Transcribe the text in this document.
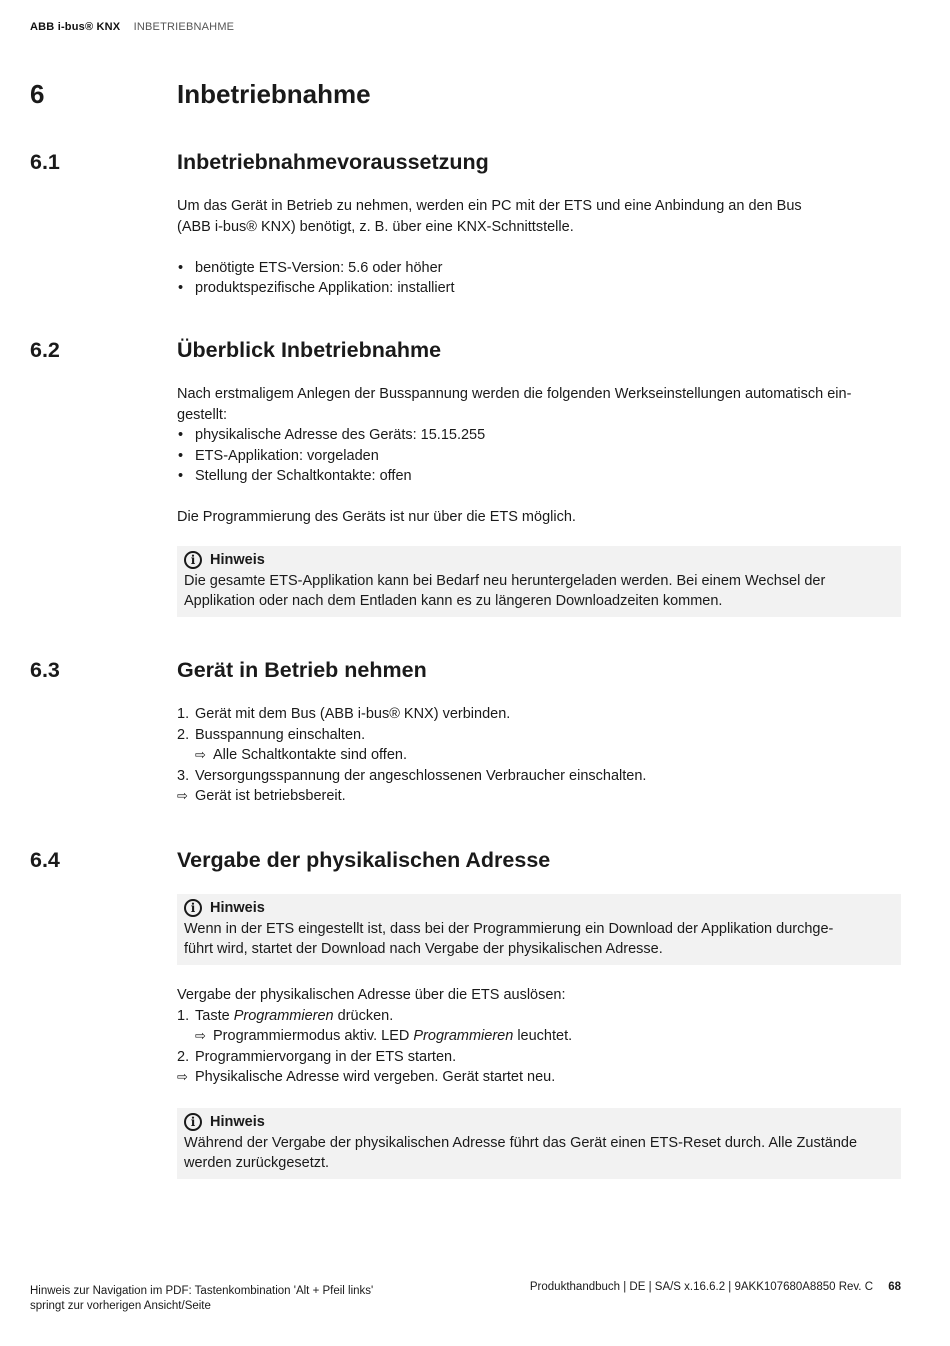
ABB i-bus® KNX INBETRIEBNAHME
6	Inbetriebnahme
6.1	Inbetriebnahmevoraussetzung

Um das Gerät in Betrieb zu nehmen, werden ein PC mit der ETS und eine Anbindung an den Bus

(ABB i-bus® KNX) benötigt, z. B. über eine KNX-Schnittstelle.

• benötigte ETS-Version: 5.6 oder höher
• produktspezifische Applikation: installiert
6.2	Überblick Inbetriebnahme

Nach erstmaligem Anlegen der Busspannung werden die folgenden Werkseinstellungen automatisch ein-

gestellt:

• physikalische Adresse des Geräts: 15.15.255
• ETS-Applikation: vorgeladen
• Stellung der Schaltkontakte: offen

Die Programmierung des Geräts ist nur über die ETS möglich.

i	Hinweis
Die gesamte ETS-Applikation kann bei Bedarf neu heruntergeladen werden. Bei einem Wechsel der
Applikation oder nach dem Entladen kann es zu längeren Downloadzeiten kommen.
6.3	Gerät in Betrieb nehmen
1. Gerät mit dem Bus (ABB i-bus® KNX) verbinden.
2. Busspannung einschalten.
⇨ Alle Schaltkontakte sind offen.
3. Versorgungsspannung der angeschlossenen Verbraucher einschalten.
⇨ Gerät ist betriebsbereit.
6.4	Vergabe der physikalischen Adresse
i	Hinweis
Wenn in der ETS eingestellt ist, dass bei der Programmierung ein Download der Applikation durchge-
führt wird, startet der Download nach Vergabe der physikalischen Adresse.

Vergabe der physikalischen Adresse über die ETS auslösen:

1. Taste Programmieren drücken.
⇨ Programmiermodus aktiv. LED Programmieren leuchtet.
2. Programmiervorgang in der ETS starten.
⇨ Physikalische Adresse wird vergeben. Gerät startet neu.
i	Hinweis
Während der Vergabe der physikalischen Adresse führt das Gerät einen ETS-Reset durch. Alle Zustände
werden zurückgesetzt.
Hinweis zur Navigation im PDF: Tastenkombination 'Alt + Pfeil links'
springt zur vorherigen Ansicht/Seite
Produkthandbuch | DE | SA/S x.16.6.2 | 9AKK107680A8850 Rev. C 68
